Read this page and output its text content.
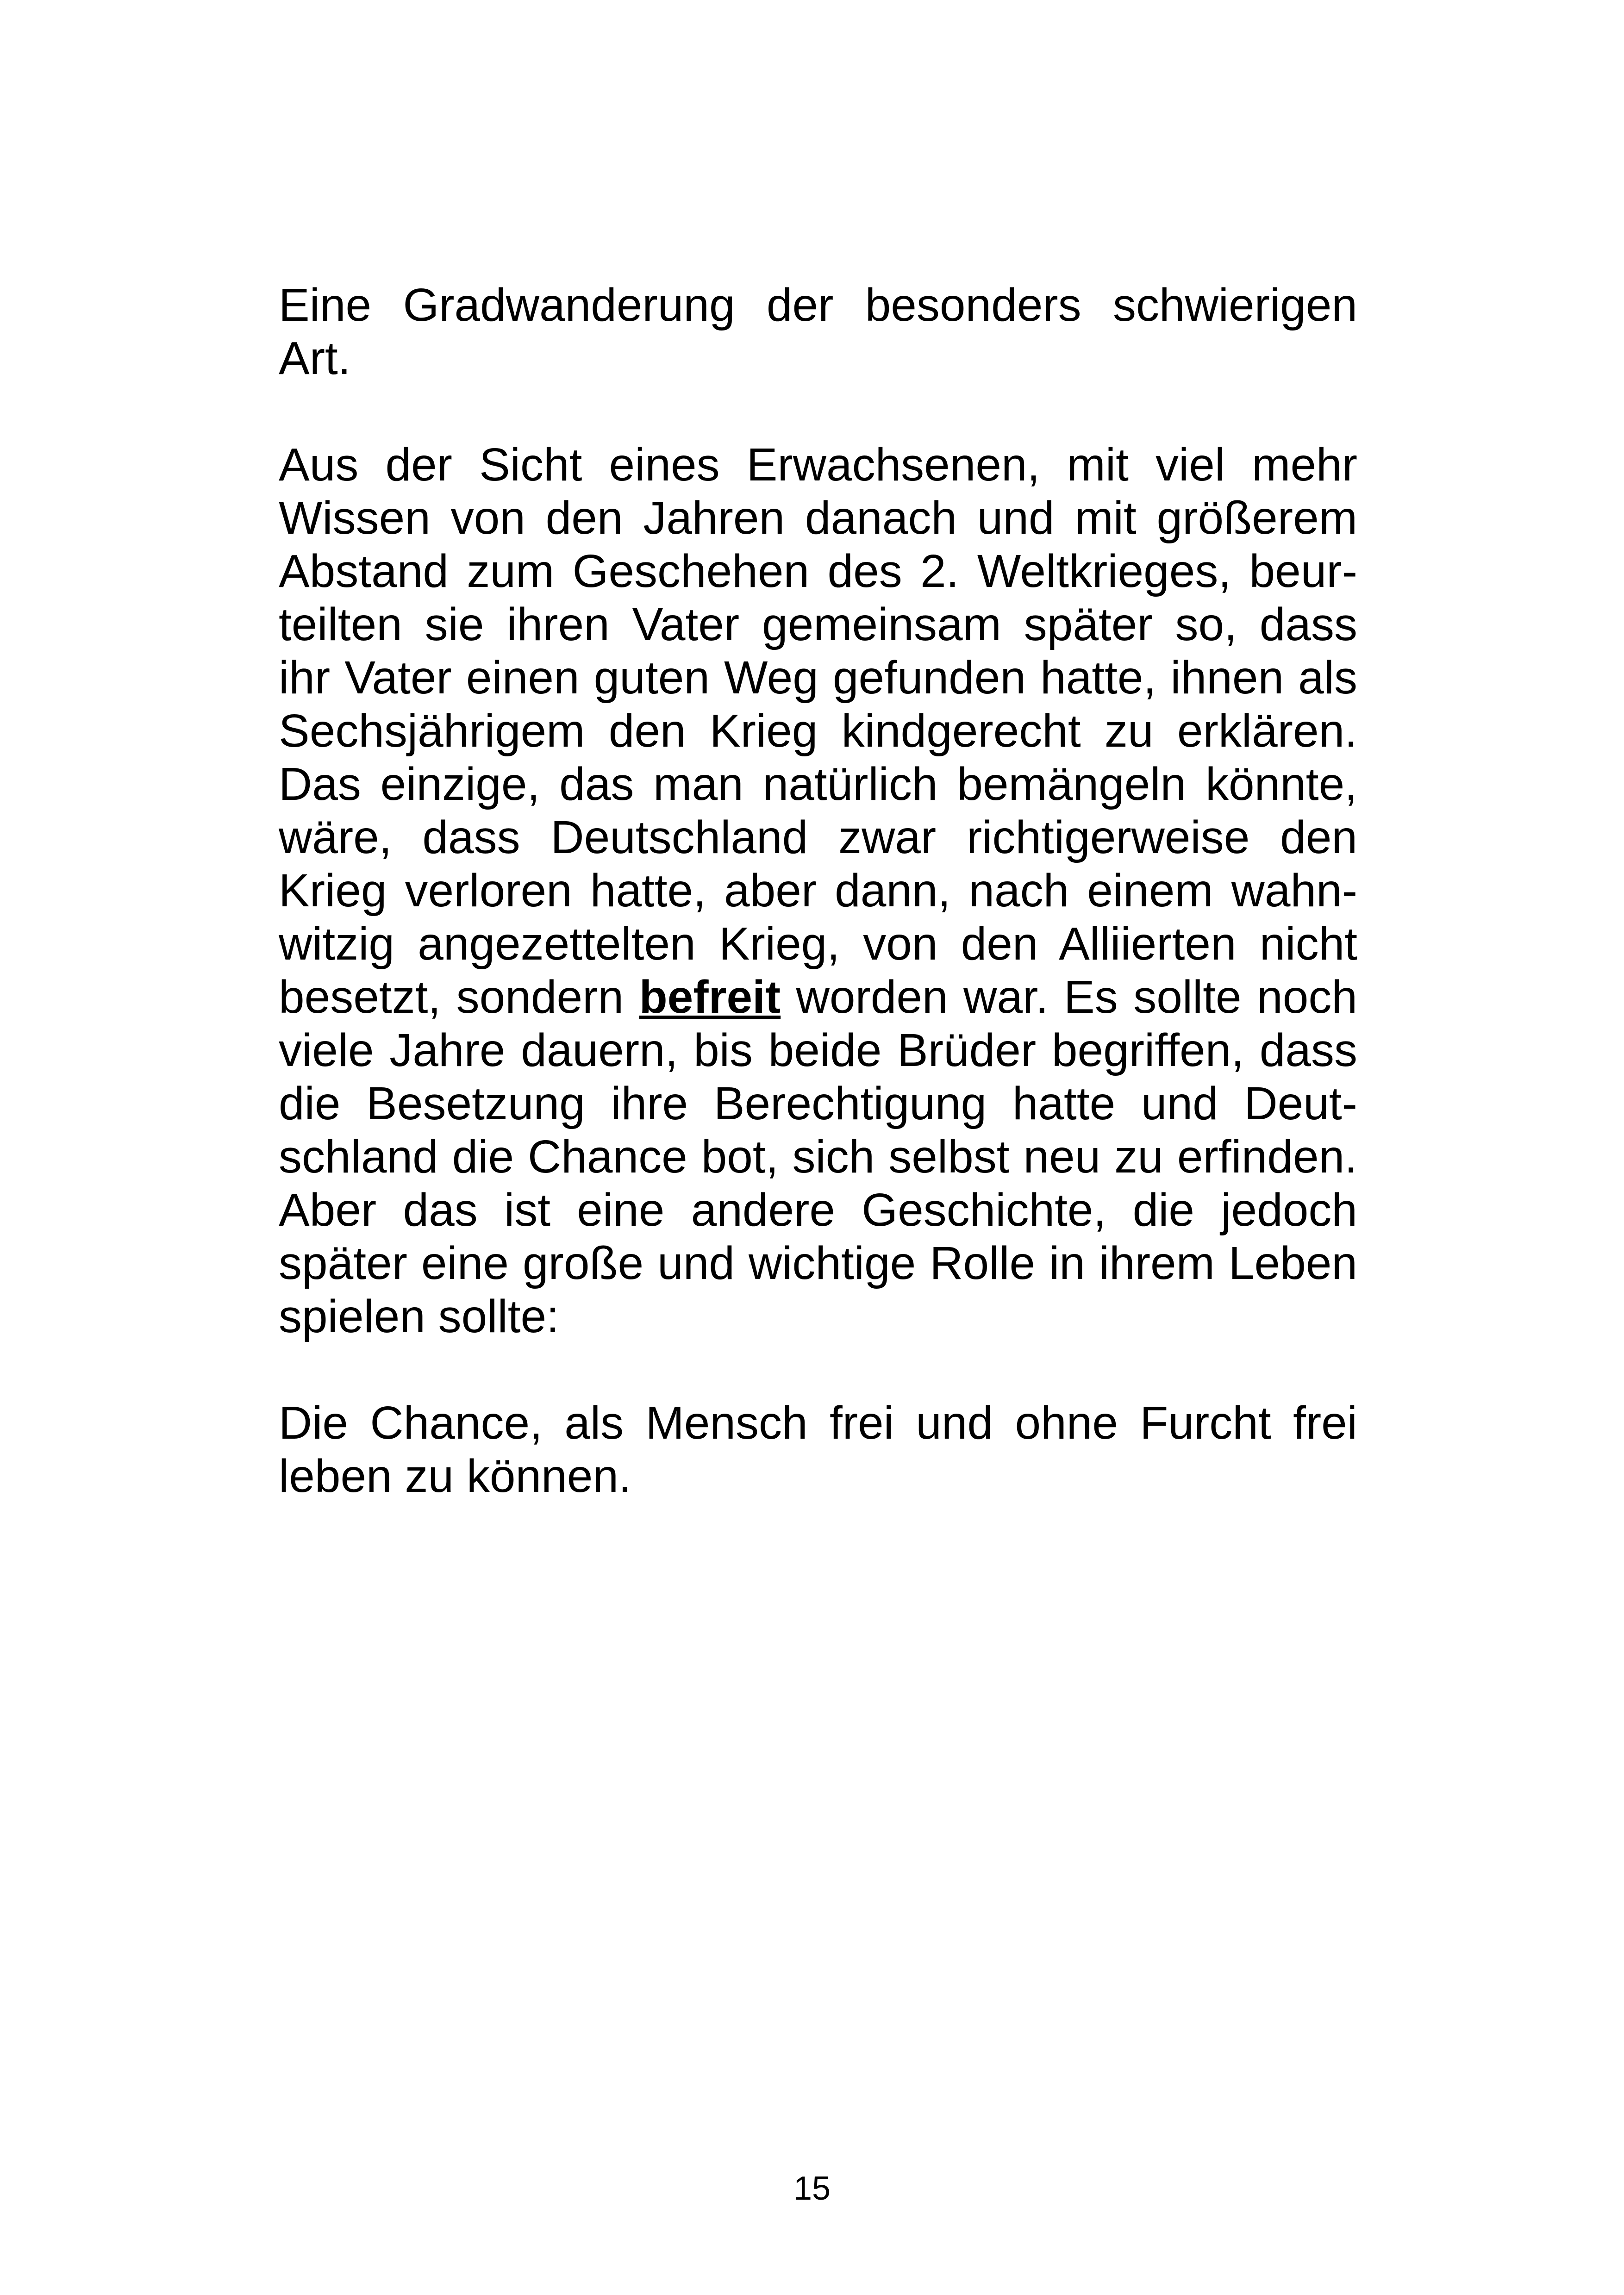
Eine Gradwanderung der besonders schwierigen
Art.
Aus der Sicht eines Erwachsenen, mit viel mehr
Wissen von den Jahren danach und mit größerem
Abstand zum Geschehen des 2. Weltkrieges, beur-
teilten sie ihren Vater gemeinsam später so, dass
ihr Vater einen guten Weg gefunden hatte, ihnen als
Sechsjährigem den Krieg kindgerecht zu erklären.
Das einzige, das man natürlich bemängeln könnte,
wäre, dass Deutschland zwar richtigerweise den
Krieg verloren hatte, aber dann, nach einem wahn-
witzig angezettelten Krieg, von den Alliierten nicht
besetzt, sondern befreit worden war. Es sollte noch
viele Jahre dauern, bis beide Brüder begriffen, dass
die Besetzung ihre Berechtigung hatte und Deut-
schland die Chance bot, sich selbst neu zu erfinden.
Aber das ist eine andere Geschichte, die jedoch
später eine große und wichtige Rolle in ihrem Leben
spielen sollte:
Die Chance, als Mensch frei und ohne Furcht frei
leben zu können.
15
